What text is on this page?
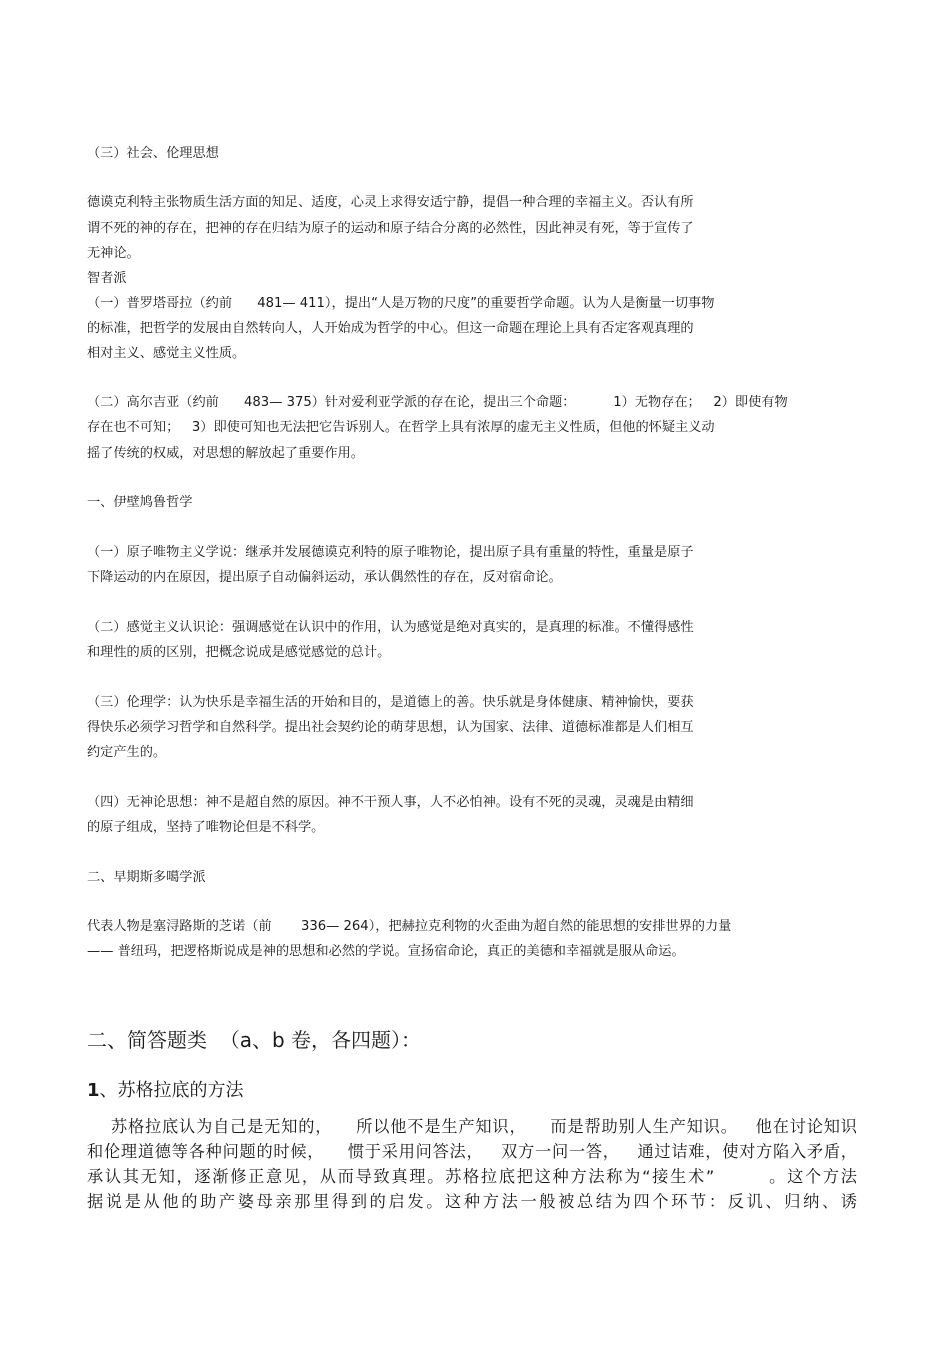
（三）社会、伦理思想
德谟克利特主张物质生活方面的知足、适度，心灵上求得安适宁静，提倡一种合理的幸福主义。否认有所
谓不死的神的存在，把神的存在归结为原子的运动和原子结合分离的必然性，因此神灵有死，等于宣传了
无神论。
智者派
（一）普罗塔哥拉（约前      481— 411），提出“人是万物的尺度”的重要哲学命题。认为人是衡量一切事物
的标准，把哲学的发展由自然转向人，人开始成为哲学的中心。但这一命题在理论上具有否定客观真理的
相对主义、感觉主义性质。
（二）高尔吉亚（约前      483— 375）针对爱利亚学派的存在论，提出三个命题：         1）无物存在；   2）即使有物
存在也不可知；   3）即使可知也无法把它告诉别人。在哲学上具有浓厚的虚无主义性质，但他的怀疑主义动
摇了传统的权威，对思想的解放起了重要作用。
一、伊壁鸠鲁哲学
（一）原子唯物主义学说：继承并发展德谟克利特的原子唯物论，提出原子具有重量的特性，重量是原子
下降运动的内在原因，提出原子自动偏斜运动，承认偶然性的存在，反对宿命论。
（二）感觉主义认识论：强调感觉在认识中的作用，认为感觉是绝对真实的，是真理的标准。不懂得感性
和理性的质的区别，把概念说成是感觉感觉的总计。
（三）伦理学：认为快乐是幸福生活的开始和目的，是道德上的善。快乐就是身体健康、精神愉快，要获
得快乐必须学习哲学和自然科学。提出社会契约论的萌芽思想，认为国家、法律、道德标准都是人们相互
约定产生的。
（四）无神论思想：神不是超自然的原因。神不干预人事，人不必怕神。设有不死的灵魂，灵魂是由精细
的原子组成，坚持了唯物论但是不科学。
二、早期斯多噶学派
代表人物是塞浔路斯的芝诺（前       336— 264），把赫拉克利物的火歪曲为超自然的能思想的安排世界的力量
—— 普纽玛，把逻格斯说成是神的思想和必然的学说。宣扬宿命论，真正的美德和幸福就是服从命运。
二、简答题类  （a、b 卷，各四题）：
1、苏格拉底的方法
苏格拉底认为自己是无知的，    所以他不是生产知识，    而是帮助别人生产知识。   他在讨论知识
和伦理道德等各种问题的时候，    惯于采用问答法，   双方一问一答，   通过诘难，使对方陷入矛盾，
承认其无知，逐渐修正意见，从而导致真理。苏格拉底把这种方法称为“接生术”        。这个方法
据说是从他的助产婆母亲那里得到的启发。这种方法一般被总结为四个环节：反讥、归纳、诱
